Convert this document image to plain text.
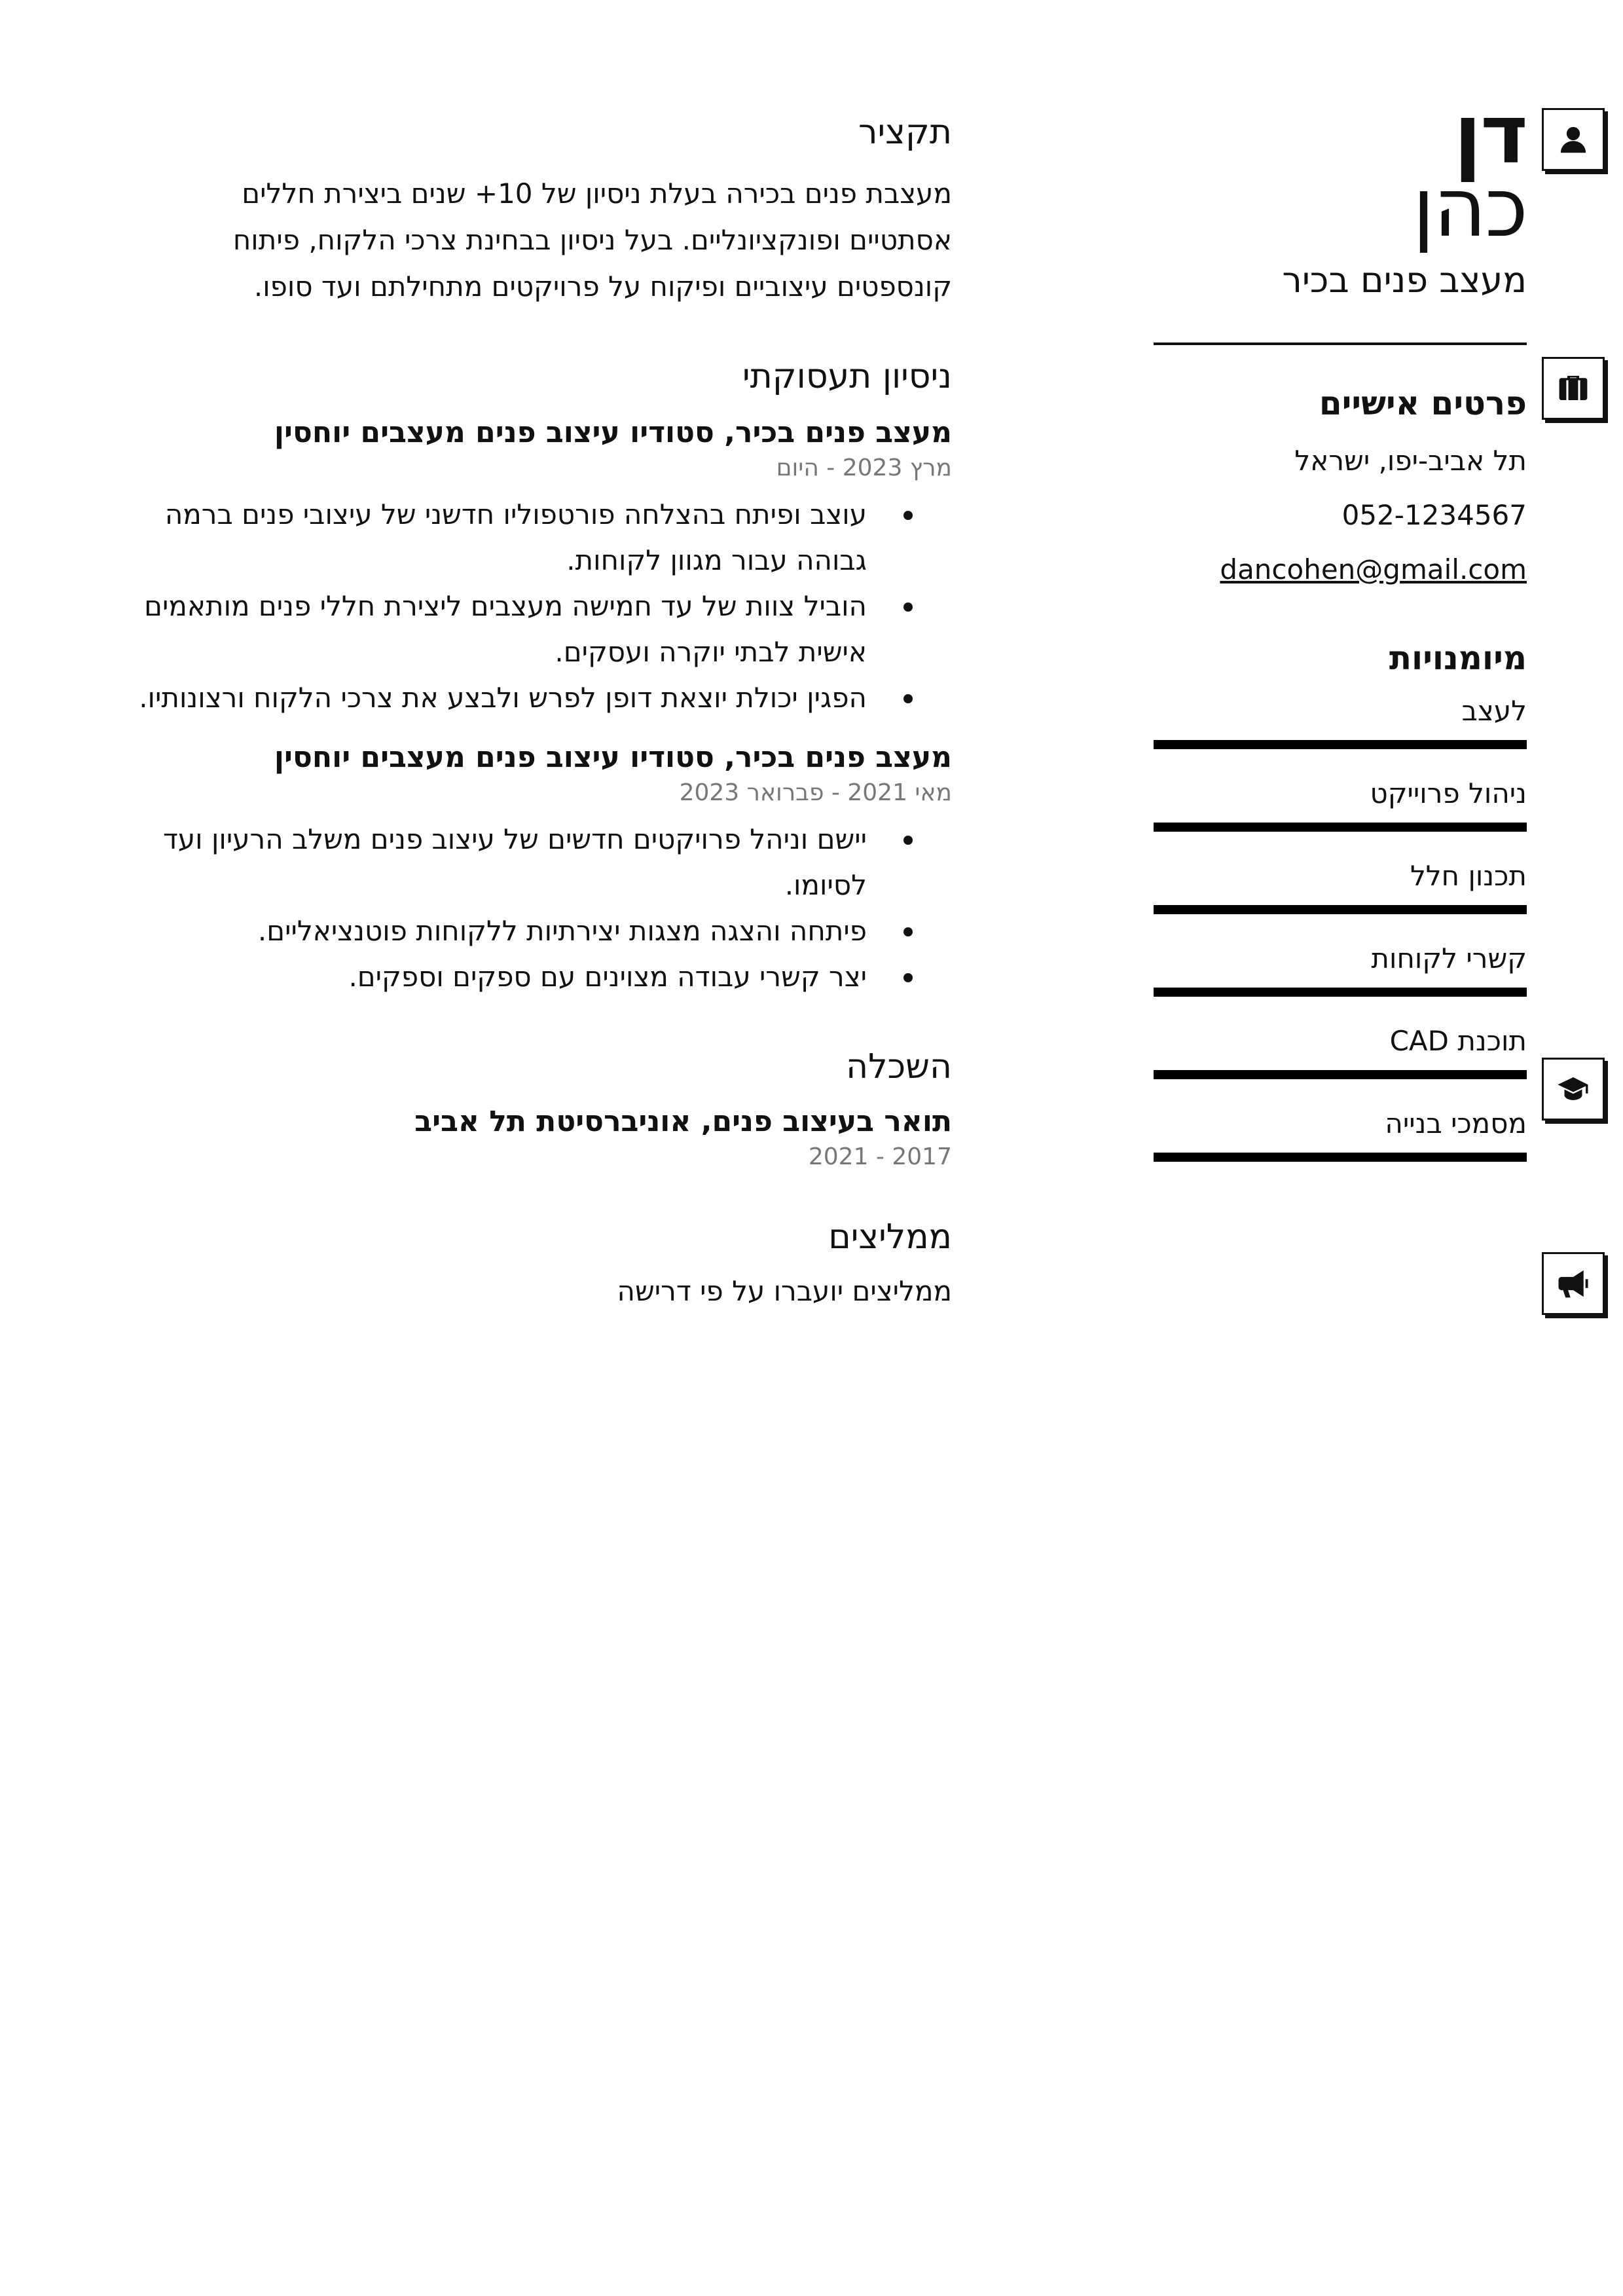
דן
כהן
מעצב פנים בכיר
פרטים אישיים
תל אביב-יפו, ישראל
052-1234567
dancohen@gmail.com
מיומנויות
לעצב
ניהול פרוייקט
תכנון חלל
קשרי לקוחות
תוכנת CAD
מסמכי בנייה
תקציר
מעצבת פנים בכירה בעלת ניסיון של 10+ שנים ביצירת חללים אסתטיים ופונקציונליים. בעל ניסיון בבחינת צרכי הלקוח, פיתוח קונספטים עיצוביים ופיקוח על פרויקטים מתחילתם ועד סופו.
ניסיון תעסוקתי
מעצב פנים בכיר, סטודיו עיצוב פנים מעצבים יוחסין
מרץ 2023 - היום
עוצב ופיתח בהצלחה פורטפוליו חדשני של עיצובי פנים ברמה גבוהה עבור מגוון לקוחות.
הוביל צוות של עד חמישה מעצבים ליצירת חללי פנים מותאמים אישית לבתי יוקרה ועסקים.
הפגין יכולת יוצאת דופן לפרש ולבצע את צרכי הלקוח ורצונותיו.
מעצב פנים בכיר, סטודיו עיצוב פנים מעצבים יוחסין
מאי 2021 - פברואר 2023
יישם וניהל פרויקטים חדשים של עיצוב פנים משלב הרעיון ועד לסיומו.
פיתחה והצגה מצגות יצירתיות ללקוחות פוטנציאליים.
יצר קשרי עבודה מצוינים עם ספקים וספקים.
השכלה
תואר בעיצוב פנים, אוניברסיטת תל אביב
2017 - 2021
ממליצים
ממליצים יועברו על פי דרישה
